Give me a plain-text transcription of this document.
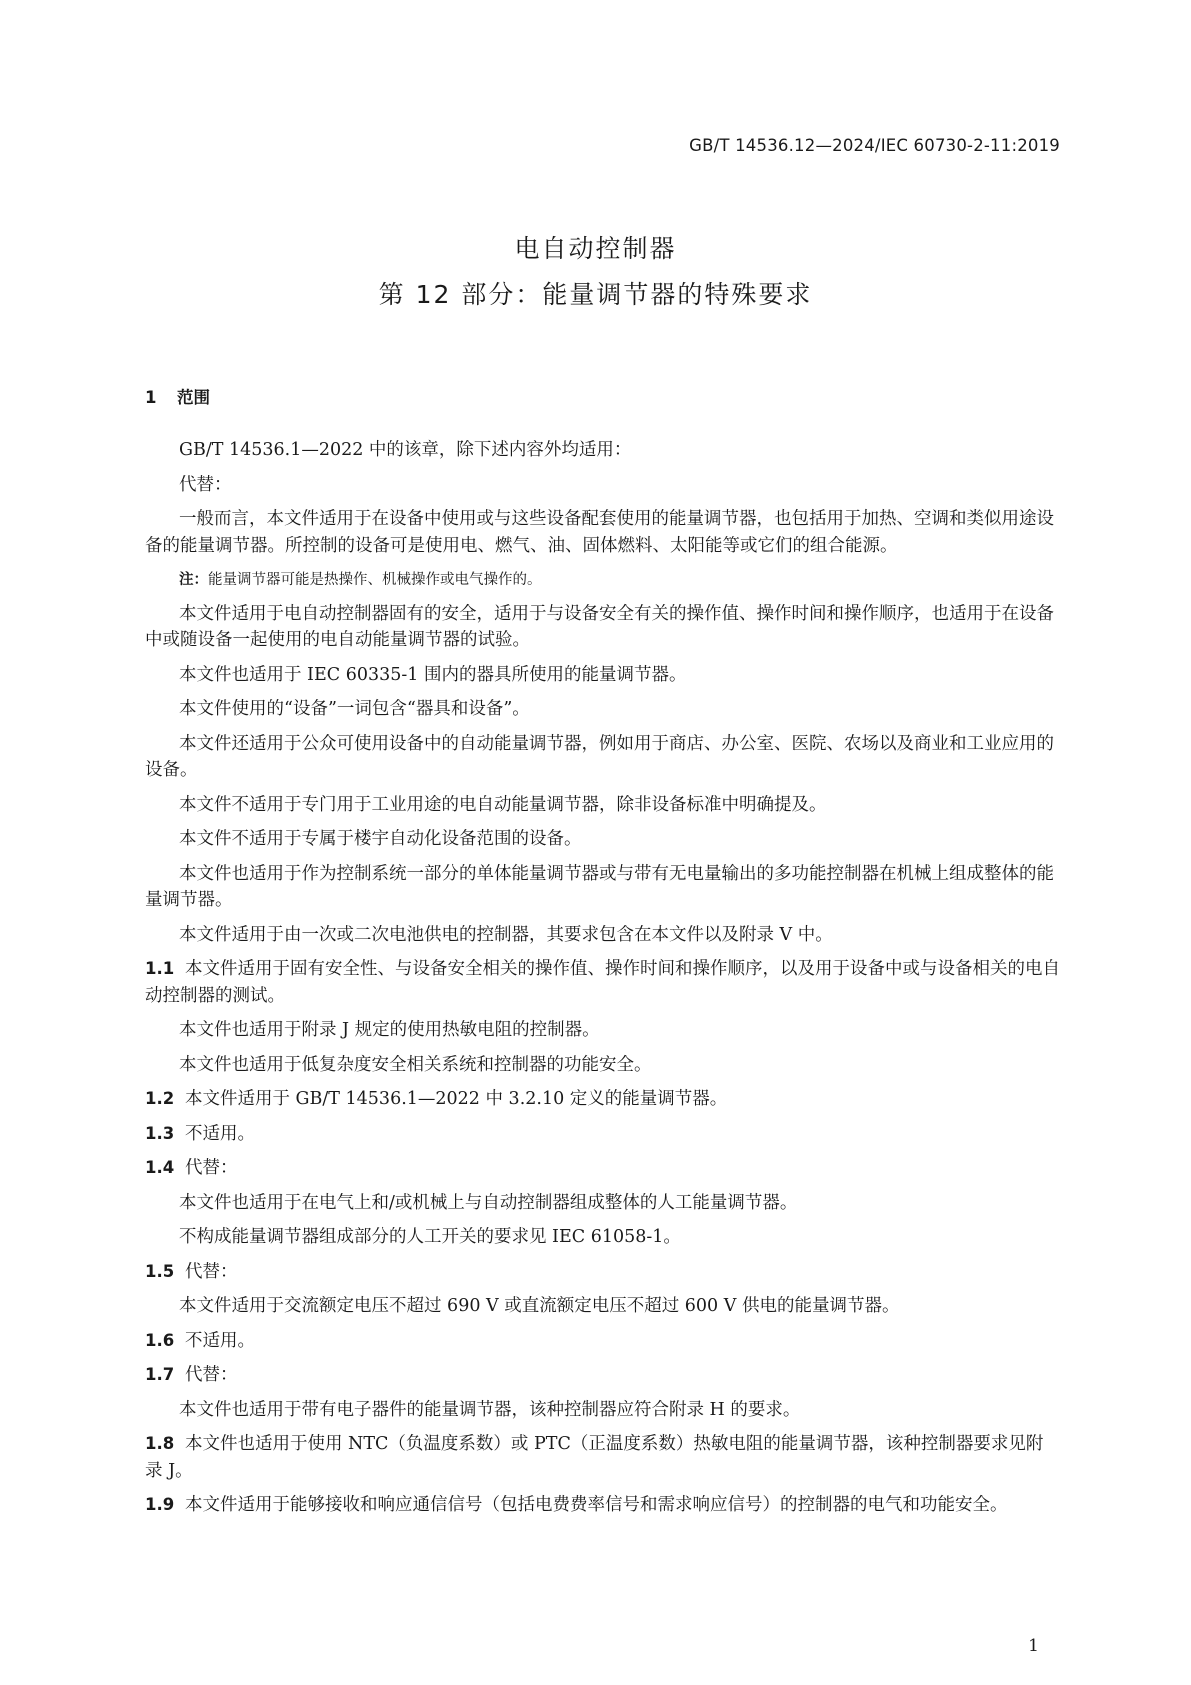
GB/T 14536.12—2024/IEC 60730-2-11:2019
电自动控制器
第 12 部分：能量调节器的特殊要求
1 范围

GB/T 14536.1—2022 中的该章，除下述内容外均适用：

代替：

一般而言，本文件适用于在设备中使用或与这些设备配套使用的能量调节器，也包括用于加热、空调和类似用途设备的能量调节器。所控制的设备可是使用电、燃气、油、固体燃料、太阳能等或它们的组合能源。

注：能量调节器可能是热操作、机械操作或电气操作的。

本文件适用于电自动控制器固有的安全，适用于与设备安全有关的操作值、操作时间和操作顺序，也适用于在设备中或随设备一起使用的电自动能量调节器的试验。

本文件也适用于 IEC 60335-1 围内的器具所使用的能量调节器。

本文件使用的“设备”一词包含“器具和设备”。

本文件还适用于公众可使用设备中的自动能量调节器，例如用于商店、办公室、医院、农场以及商业和工业应用的设备。

本文件不适用于专门用于工业用途的电自动能量调节器，除非设备标准中明确提及。

本文件不适用于专属于楼宇自动化设备范围的设备。

本文件也适用于作为控制系统一部分的单体能量调节器或与带有无电量输出的多功能控制器在机械上组成整体的能量调节器。

本文件适用于由一次或二次电池供电的控制器，其要求包含在本文件以及附录 V 中。

1.1 本文件适用于固有安全性、与设备安全相关的操作值、操作时间和操作顺序，以及用于设备中或与设备相关的电自动控制器的测试。

本文件也适用于附录 J 规定的使用热敏电阻的控制器。

本文件也适用于低复杂度安全相关系统和控制器的功能安全。

1.2 本文件适用于 GB/T 14536.1—2022 中 3.2.10 定义的能量调节器。

1.3 不适用。

1.4 代替：

本文件也适用于在电气上和/或机械上与自动控制器组成整体的人工能量调节器。

不构成能量调节器组成部分的人工开关的要求见 IEC 61058-1。

1.5 代替：

本文件适用于交流额定电压不超过 690 V 或直流额定电压不超过 600 V 供电的能量调节器。

1.6 不适用。

1.7 代替：

本文件也适用于带有电子器件的能量调节器，该种控制器应符合附录 H 的要求。

1.8 本文件也适用于使用 NTC（负温度系数）或 PTC（正温度系数）热敏电阻的能量调节器，该种控制器要求见附录 J。

1.9 本文件适用于能够接收和响应通信信号（包括电费费率信号和需求响应信号）的控制器的电气和功能安全。

1
